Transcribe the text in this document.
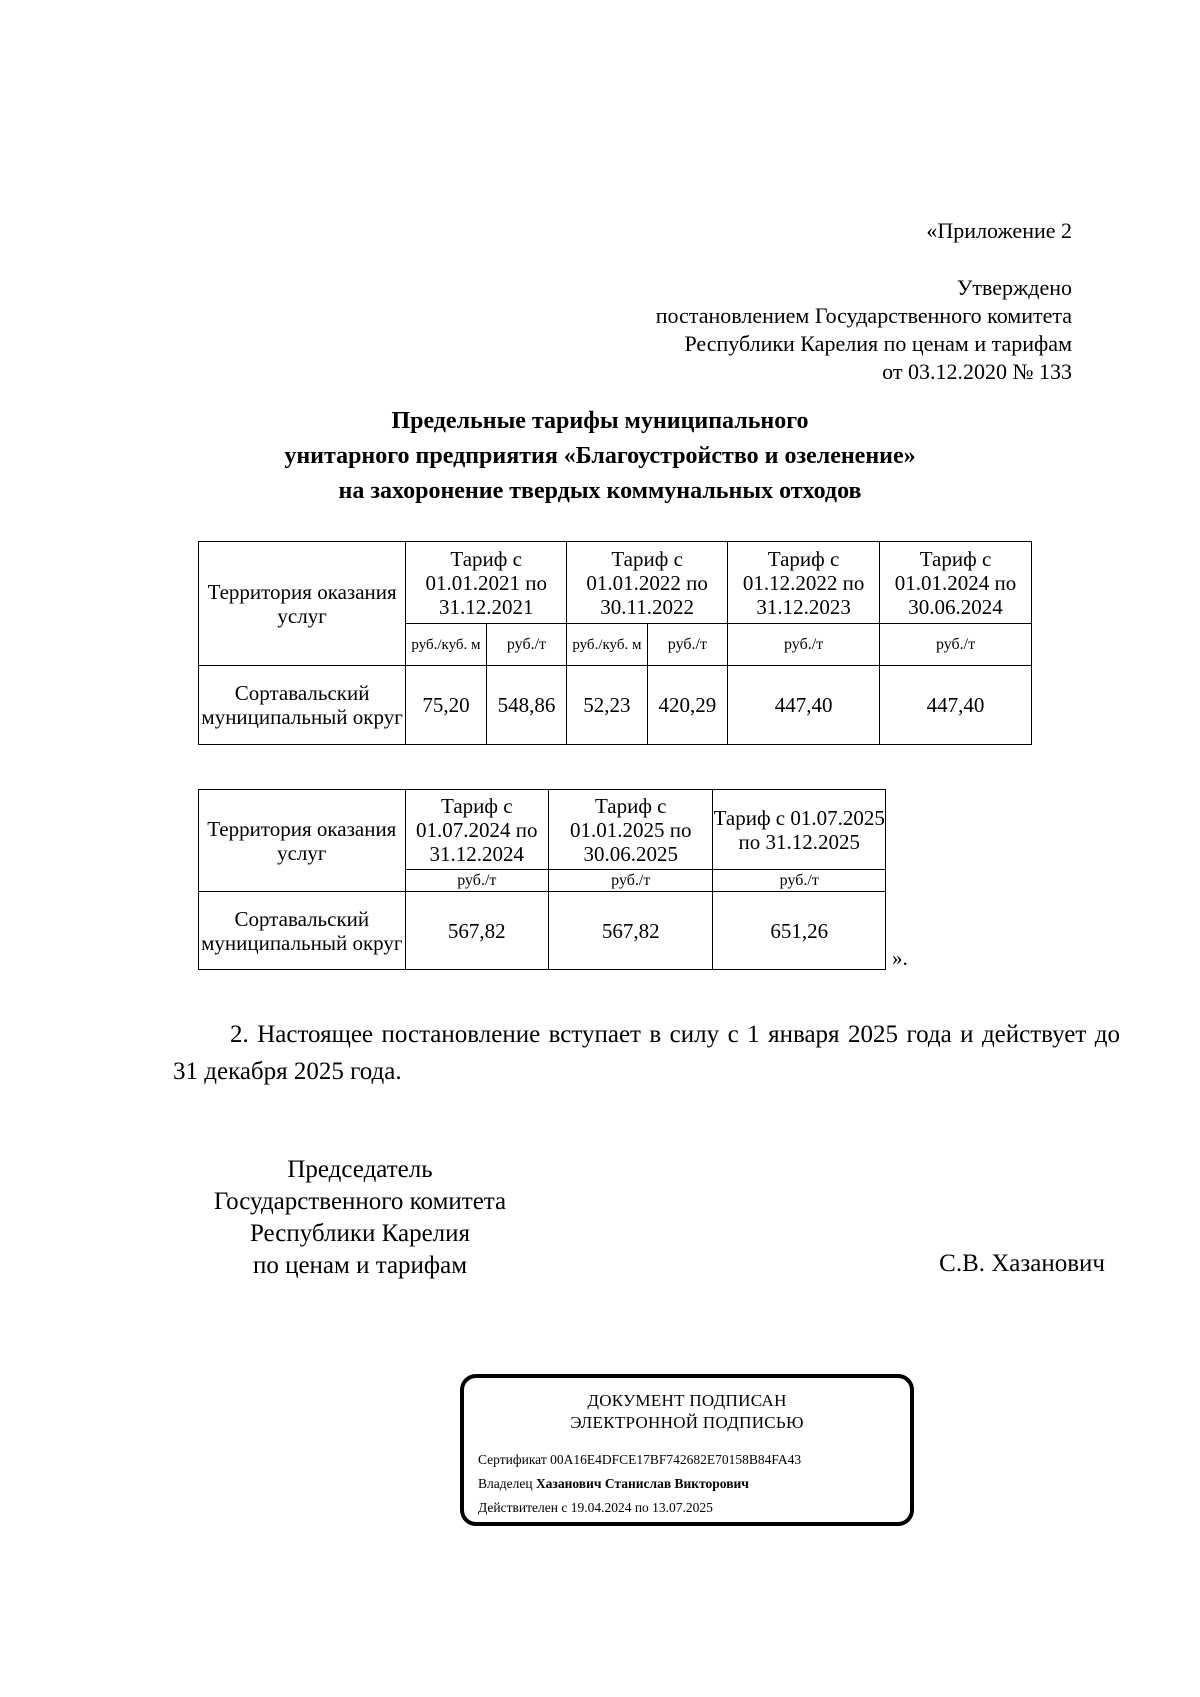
«Приложение 2
Утверждено
постановлением Государственного комитета
Республики Карелия по ценам и тарифам
от 03.12.2020 № 133
Предельные тарифы муниципального
унитарного предприятия «Благоустройство и озеленение»
на захоронение твердых коммунальных отходов
Территория оказания услуг	Тариф с 01.01.2021 по 31.12.2021		Тариф с 01.01.2022 по 30.11.2022		Тариф с 01.12.2022 по 31.12.2023	Тариф с 01.01.2024 по 30.06.2024
	руб./куб. м	руб./т	руб./куб. м	руб./т	руб./т	руб./т
Сортавальский муниципальный округ	75,20	548,86	52,23	420,29	447,40	447,40
Территория оказания услуг	Тариф с 01.07.2024 по 31.12.2024	Тариф с 01.01.2025 по 30.06.2025	Тариф с 01.07.2025 по 31.12.2025
	руб./т	руб./т	руб./т
Сортавальский муниципальный округ	567,82	567,82	651,26
».
2. Настоящее постановление вступает в силу с 1 января 2025 года и действует до 31 декабря 2025 года.
Председатель
Государственного комитета
Республики Карелия
по ценам и тарифам	С.В. Хазанович
ДОКУМЕНТ ПОДПИСАН
ЭЛЕКТРОННОЙ ПОДПИСЬЮ
Сертификат 00A16E4DFCE17BF742682E70158B84FA43
Владелец Хазанович Станислав Викторович
Действителен с 19.04.2024 по 13.07.2025
